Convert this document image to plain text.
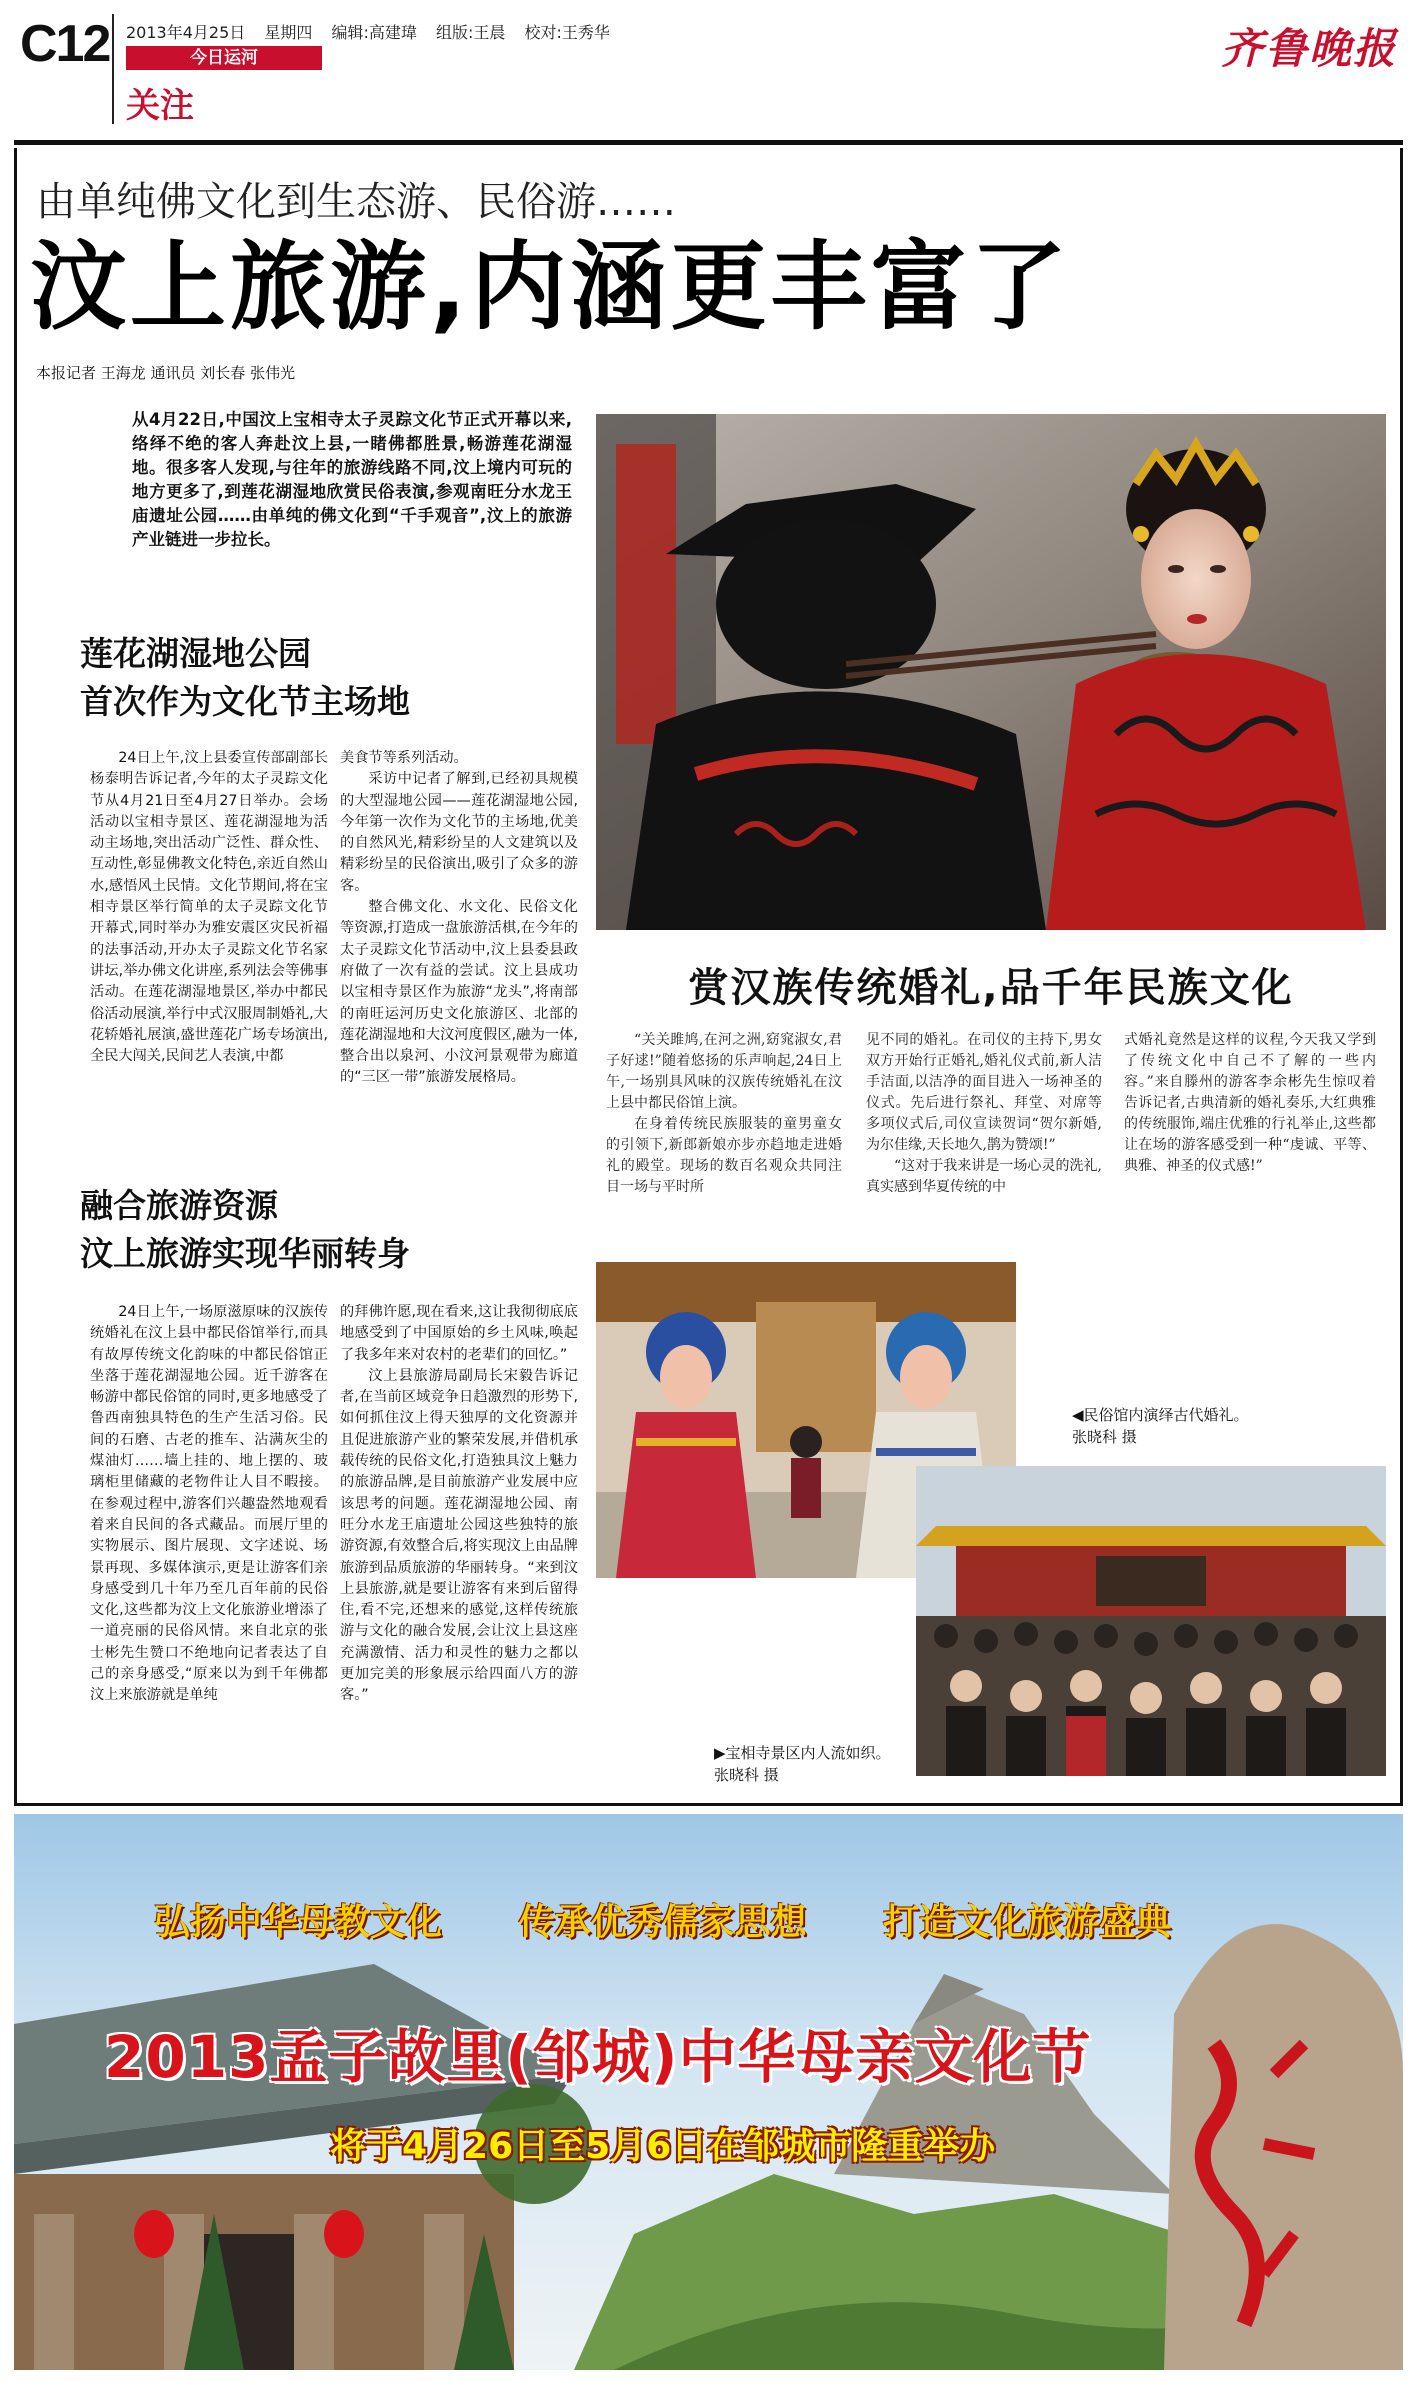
C12 2013年4月25日 星期四 编辑:高建瑋 组版:王晨 校对:王秀华
今日运河
关注
齐鲁晚报
由单纯佛文化到生态游、民俗游……
汶上旅游,内涵更丰富了
本报记者 王海龙 通讯员 刘长春 张伟光
从4月22日,中国汶上宝相寺太子灵踪文化节正式开幕以来,络绎不绝的客人奔赴汶上县,一睹佛都胜景,畅游莲花湖湿地。很多客人发现,与往年的旅游线路不同,汶上境内可玩的地方更多了,到莲花湖湿地欣赏民俗表演,参观南旺分水龙王庙遗址公园……由单纯的佛文化到“千手观音”,汶上的旅游产业链进一步拉长。
莲花湖湿地公园
首次作为文化节主场地

24日上午,汶上县委宣传部副部长杨泰明告诉记者,今年的太子灵踪文化节从4月21日至4月27日举办。会场活动以宝相寺景区、莲花湖湿地为活动主场地,突出活动广泛性、群众性、互动性,彰显佛教文化特色,亲近自然山水,感悟风土民情。文化节期间,将在宝相寺景区举行简单的太子灵踪文化节开幕式,同时举办为雅安震区灾民祈福的法事活动,开办太子灵踪文化节名家讲坛,举办佛文化讲座,系列法会等佛事活动。在莲花湖湿地景区,举办中都民俗活动展演,举行中式汉服周制婚礼,大花轿婚礼展演,盛世莲花广场专场演出,全民大闯关,民间艺人表演,中都

美食节等系列活动。

采访中记者了解到,已经初具规模的大型湿地公园——莲花湖湿地公园,今年第一次作为文化节的主场地,优美的自然风光,精彩纷呈的人文建筑以及精彩纷呈的民俗演出,吸引了众多的游客。

整合佛文化、水文化、民俗文化等资源,打造成一盘旅游活棋,在今年的太子灵踪文化节活动中,汶上县委县政府做了一次有益的尝试。汶上县成功以宝相寺景区作为旅游“龙头”,将南部的南旺运河历史文化旅游区、北部的莲花湖湿地和大汶河度假区,融为一体,整合出以泉河、小汶河景观带为廊道的“三区一带”旅游发展格局。

融合旅游资源
汶上旅游实现华丽转身

24日上午,一场原滋原味的汉族传统婚礼在汶上县中都民俗馆举行,而具有故厚传统文化韵味的中都民俗馆正坐落于莲花湖湿地公园。近千游客在畅游中都民俗馆的同时,更多地感受了鲁西南独具特色的生产生活习俗。民间的石磨、古老的推车、沾满灰尘的煤油灯……墙上挂的、地上摆的、玻璃柜里储藏的老物件让人目不暇接。在参观过程中,游客们兴趣盎然地观看着来自民间的各式藏品。而展厅里的实物展示、图片展现、文字述说、场景再现、多媒体演示,更是让游客们亲身感受到几十年乃至几百年前的民俗文化,这些都为汶上文化旅游业增添了一道亮丽的民俗风情。来自北京的张士彬先生赞口不绝地向记者表达了自己的亲身感受,“原来以为到千年佛都汶上来旅游就是单纯

的拜佛许愿,现在看来,这让我彻彻底底地感受到了中国原始的乡土风味,唤起了我多年来对农村的老辈们的回忆。”

汶上县旅游局副局长宋毅告诉记者,在当前区域竞争日趋激烈的形势下,如何抓住汶上得天独厚的文化资源并且促进旅游产业的繁荣发展,并借机承载传统的民俗文化,打造独具汶上魅力的旅游品牌,是目前旅游产业发展中应该思考的问题。莲花湖湿地公园、南旺分水龙王庙遗址公园这些独特的旅游资源,有效整合后,将实现汶上由品牌旅游到品质旅游的华丽转身。“来到汶上县旅游,就是要让游客有来到后留得住,看不完,还想来的感觉,这样传统旅游与文化的融合发展,会让汶上县这座充满激情、活力和灵性的魅力之都以更加完美的形象展示给四面八方的游客。”

赏汉族传统婚礼,品千年民族文化

“关关雎鸠,在河之洲,窈窕淑女,君子好逑!”随着悠扬的乐声响起,24日上午,一场别具风味的汉族传统婚礼在汶上县中都民俗馆上演。

在身着传统民族服装的童男童女的引领下,新郎新娘亦步亦趋地走进婚礼的殿堂。现场的数百名观众共同注目一场与平时所

见不同的婚礼。在司仪的主持下,男女双方开始行正婚礼,婚礼仪式前,新人洁手洁面,以洁净的面目进入一场神圣的仪式。先后进行祭礼、拜堂、对席等多项仪式后,司仪宣读贺词“贺尔新婚,为尔佳缘,天长地久,鹊为赞颂!”

“这对于我来讲是一场心灵的洗礼,真实感到华夏传统的中

式婚礼竟然是这样的议程,今天我又学到了传统文化中自己不了解的一些内容。”来自滕州的游客李余彬先生惊叹着告诉记者,古典清新的婚礼奏乐,大红典雅的传统服饰,端庄优雅的行礼举止,这些都让在场的游客感受到一种“虔诚、平等、典雅、神圣的仪式感!”

◀民俗馆内演绎古代婚礼。
张晓科 摄
▶宝相寺景区内人流如织。
张晓科 摄
弘扬中华母教文化 传承优秀儒家思想 打造文化旅游盛典
2013孟子故里(邹城)中华母亲文化节
将于4月26日至5月6日在邹城市隆重举办
